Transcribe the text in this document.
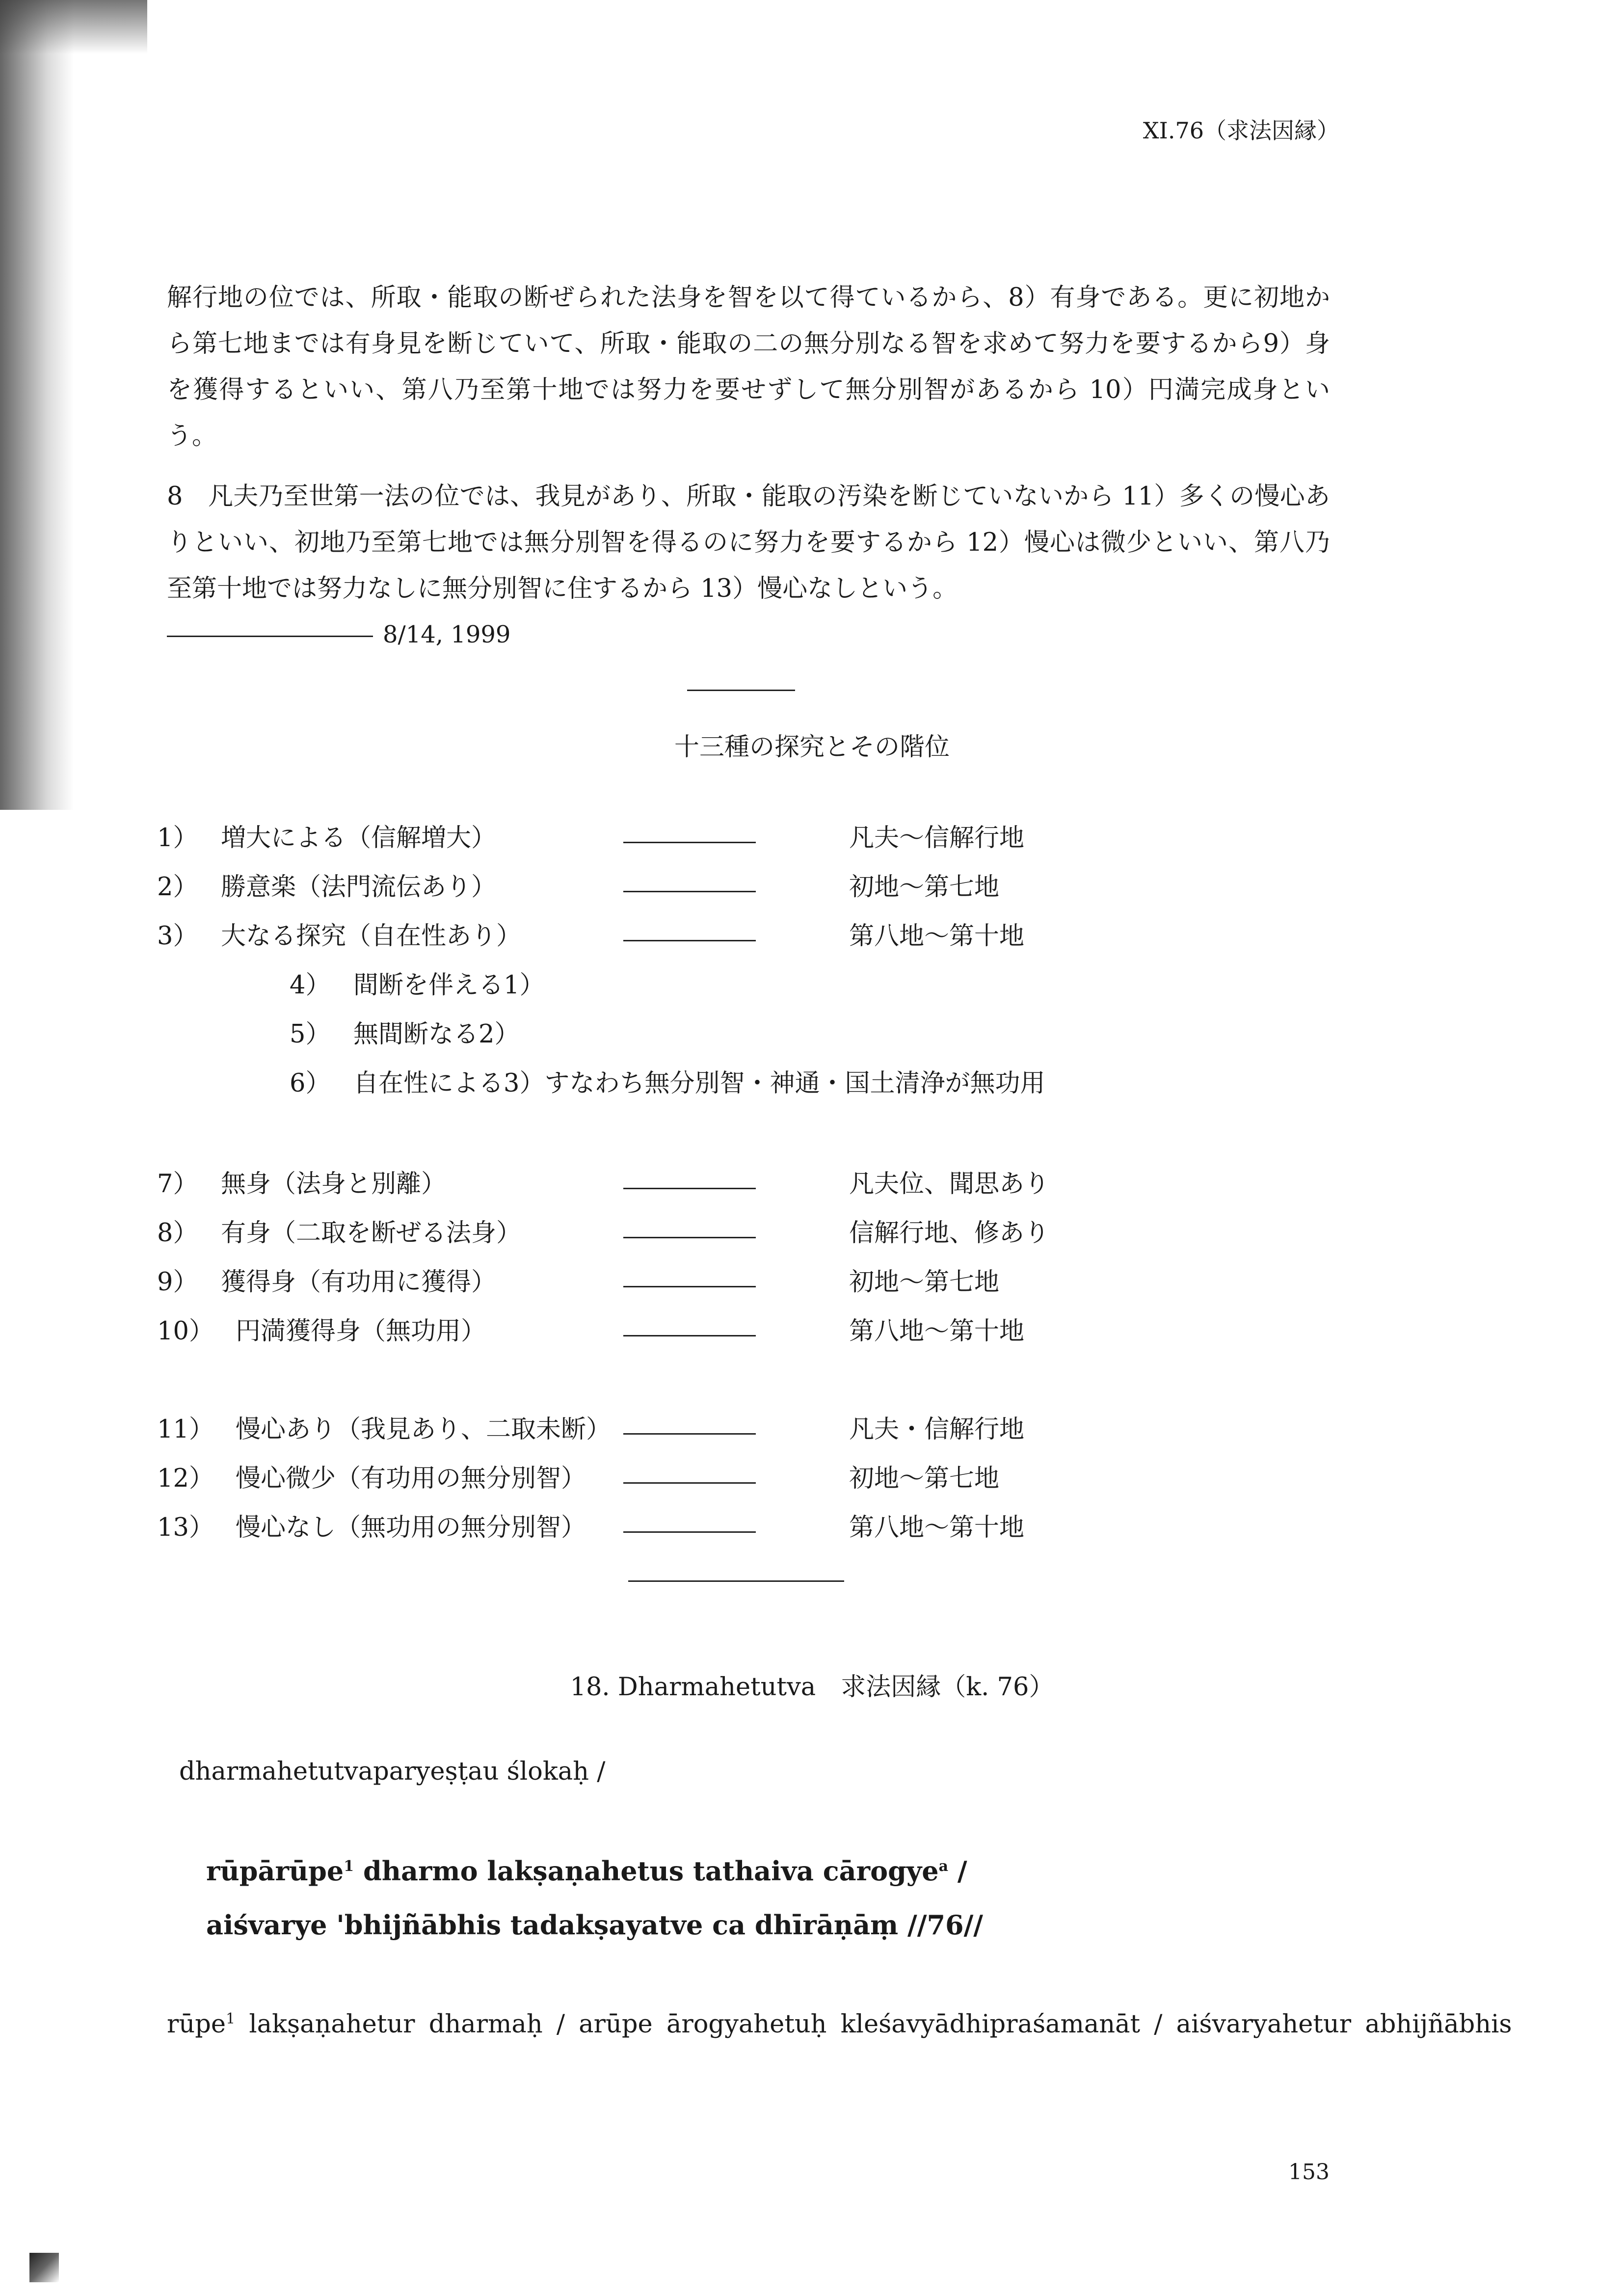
XI.76（求法因縁）

解行地の位では、所取・能取の断ぜられた法身を智を以て得ているから、8）有身である。更に初地から第七地までは有身見を断じていて、所取・能取の二の無分別なる智を求めて努力を要するから9）身を獲得するといい、第八乃至第十地では努力を要せずして無分別智があるから 10）円満完成身という。

8　凡夫乃至世第一法の位では、我見があり、所取・能取の汚染を断じていないから 11）多くの慢心ありといい、初地乃至第七地では無分別智を得るのに努力を要するから 12）慢心は微少といい、第八乃至第十地では努力なしに無分別智に住するから 13）慢心なしという。

8/14, 1999
十三種の探究とその階位
1） 増大による（信解増大）	凡夫〜信解行地
2） 勝意楽（法門流伝あり）	初地〜第七地
3） 大なる探究（自在性あり）	第八地〜第十地
4） 間断を伴える1）
5） 無間断なる2）
6） 自在性による3）すなわち無分別智・神通・国土清浄が無功用
7） 無身（法身と別離）	凡夫位、聞思あり
8） 有身（二取を断ぜる法身）	信解行地、修あり
9） 獲得身（有功用に獲得）	初地〜第七地
10） 円満獲得身（無功用）	第八地〜第十地
11） 慢心あり（我見あり、二取未断）	凡夫・信解行地
12） 慢心微少（有功用の無分別智）	初地〜第七地
13） 慢心なし（無功用の無分別智）	第八地〜第十地
18. Dharmahetutva　求法因縁（k. 76）
dharmahetutvaparyeṣṭau ślokaḥ /
rūpārūpe$^1$ dharmo lakṣaṇahetus tathaiva cārogye$^a$ /
aiśvarye 'bhijñābhis tadakṣayatve ca dhīrāṇāṃ //76//
rūpe$^1$ lakṣaṇahetur dharmaḥ / arūpe ārogyahetuḥ kleśavyādhipraśamanāt / aiśvaryahetur abhijñābhis
153
